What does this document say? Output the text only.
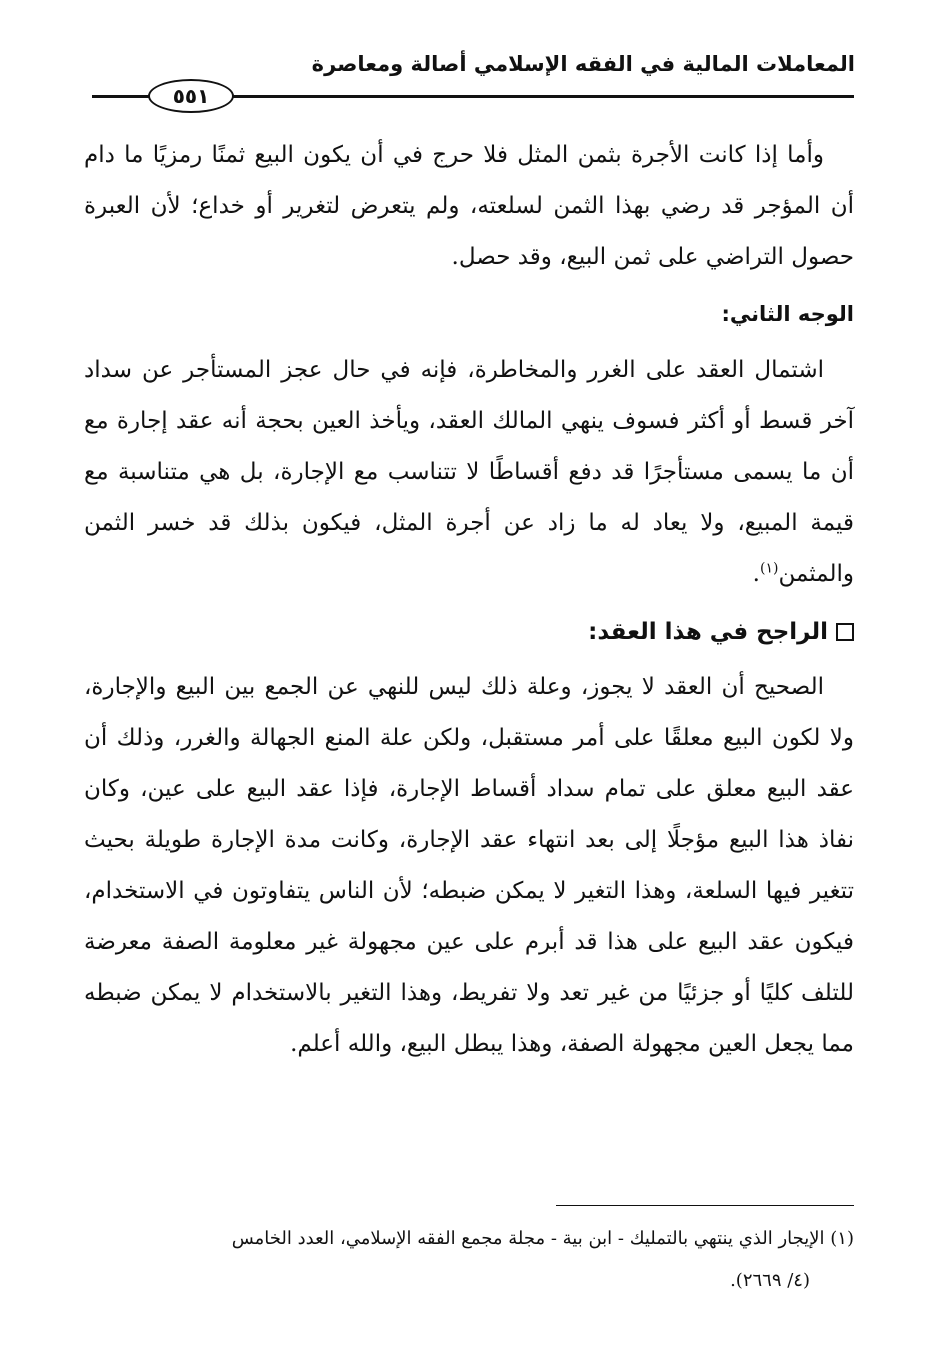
المعاملات المالية في الفقه الإسلامي أصالة ومعاصرة
٥٥١

وأما إذا كانت الأجرة بثمن المثل فلا حرج في أن يكون البيع ثمنًا رمزيًا ما دام أن المؤجر قد رضي بهذا الثمن لسلعته، ولم يتعرض لتغرير أو خداع؛ لأن العبرة حصول التراضي على ثمن البيع، وقد حصل.

الوجه الثاني:

اشتمال العقد على الغرر والمخاطرة، فإنه في حال عجز المستأجر عن سداد آخر قسط أو أكثر فسوف ينهي المالك العقد، ويأخذ العين بحجة أنه عقد إجارة مع أن ما يسمى مستأجرًا قد دفع أقساطًا لا تتناسب مع الإجارة، بل هي متناسبة مع قيمة المبيع، ولا يعاد له ما زاد عن أجرة المثل، فيكون بذلك قد خسر الثمن والمثمن$^{(١)}$.

الراجح في هذا العقد:

الصحيح أن العقد لا يجوز، وعلة ذلك ليس للنهي عن الجمع بين البيع والإجارة، ولا لكون البيع معلقًا على أمر مستقبل، ولكن علة المنع الجهالة والغرر، وذلك أن عقد البيع معلق على تمام سداد أقساط الإجارة، فإذا عقد البيع على عين، وكان نفاذ هذا البيع مؤجلًا إلى بعد انتهاء عقد الإجارة، وكانت مدة الإجارة طويلة بحيث تتغير فيها السلعة، وهذا التغير لا يمكن ضبطه؛ لأن الناس يتفاوتون في الاستخدام، فيكون عقد البيع على هذا قد أبرم على عين مجهولة غير معلومة الصفة معرضة للتلف كليًا أو جزئيًا من غير تعد ولا تفريط، وهذا التغير بالاستخدام لا يمكن ضبطه مما يجعل العين مجهولة الصفة، وهذا يبطل البيع، والله أعلم.

(١) الإيجار الذي ينتهي بالتمليك - ابن بية - مجلة مجمع الفقه الإسلامي، العدد الخامس

(٤/ ٢٦٦٩).
